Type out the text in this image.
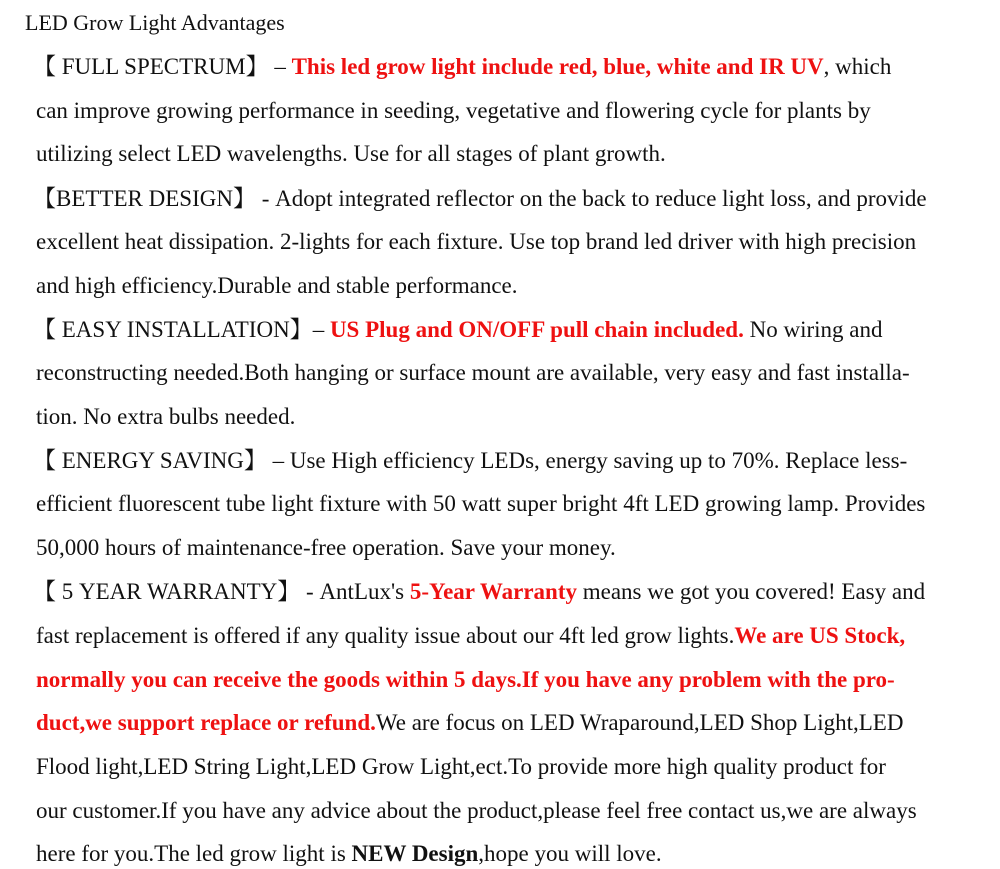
LED Grow Light Advantages

【 FULL SPECTRUM】 – This led grow light include red, blue, white and IR UV, which

can improve growing performance in seeding, vegetative and flowering cycle for plants by

utilizing select LED wavelengths. Use for all stages of plant growth.

【BETTER DESIGN】 - Adopt integrated reflector on the back to reduce light loss, and provide

excellent heat dissipation. 2-lights for each fixture. Use top brand led driver with high precision

and high efficiency.Durable and stable performance.

【 EASY INSTALLATION】– US Plug and ON/OFF pull chain included. No wiring and

reconstructing needed.Both hanging or surface mount are available, very easy and fast installa-

tion. No extra bulbs needed.

【 ENERGY SAVING】 – Use High efficiency LEDs, energy saving up to 70%. Replace less-

efficient fluorescent tube light fixture with 50 watt super bright 4ft LED growing lamp. Provides

50,000 hours of maintenance-free operation. Save your money.

【 5 YEAR WARRANTY】 - AntLux's 5-Year Warranty means we got you covered! Easy and

fast replacement is offered if any quality issue about our 4ft led grow lights.We are US Stock,

normally you can receive the goods within 5 days.If you have any problem with the pro-

duct,we support replace or refund.We are focus on LED Wraparound,LED Shop Light,LED

Flood light,LED String Light,LED Grow Light,ect.To provide more high quality product for

our customer.If you have any advice about the product,please feel free contact us,we are always

here for you.The led grow light is NEW Design,hope you will love.
